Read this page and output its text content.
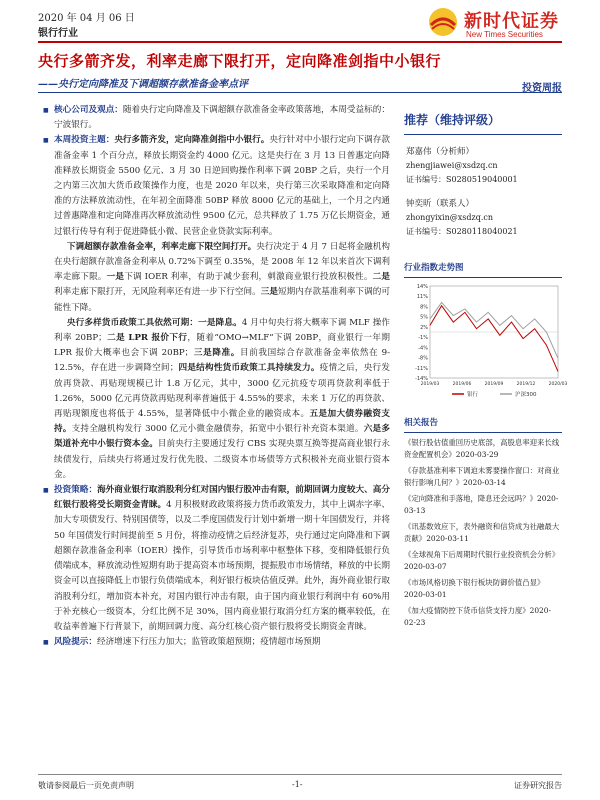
2020 年 04 月 06 日
银行行业
新时代证券
New Times Securities
央行多箭齐发，利率走廊下限打开，定向降准剑指中小银行
——央行定向降准及下调超额存款准备金率点评	投资周报

■ 核心公司及观点：随着央行定向降准及下调超额存款准备金率政策落地，本周受益标的：宁波银行。

■ 本周投资主题：央行多箭齐发，定向降准剑指中小银行。央行针对中小银行定向下调存款准备金率 1 个百分点，释放长期资金约 4000 亿元。这是央行在 3 月 13 日普惠定向降准释放长期资金 5500 亿元、3 月 30 日逆回购操作利率下调 20BP 之后，央行一个月之内第三次加大货币政策操作力度，也是 2020 年以来，央行第三次采取降准和定向降准的方法释放流动性，在年初全面降准 50BP 释放 8000 亿元的基础上，一个月之内通过普惠降准和定向降准再次释放流动性 9500 亿元，总共释放了 1.75 万亿长期资金，通过银行传导有利于促进降低小微、民营企业贷款实际利率。

下调超额存款准备金率，利率走廊下限空间打开。央行决定于 4 月 7 日起将金融机构在央行超额存款准备金利率从 0.72%下调至 0.35%，是 2008 年 12 年以来首次下调利率走廊下限。一是下调 IOER 利率，有助于减少套利，刺激商业银行投放积极性。二是利率走廊下限打开，无风险利率还有进一步下行空间。三是短期内存款基准利率下调的可能性下降。

央行多样货币政策工具依然可期：一是降息。4 月中旬央行将大概率下调 MLF 操作利率 20BP；二是 LPR 报价下行，随着“OMO→MLF”下调 20BP，商业银行一年期 LPR 报价大概率也会下调 20BP；三是降准。目前我国综合存款准备金率依然在 9-12.5%，存在进一步调降空间；四是结构性货币政策工具持续发力。疫情之后，央行发放再贷款、再贴现规模已计 1.8 万亿元，其中，3000 亿元抗疫专项再贷款利率低于 1.26%，5000 亿元再贷款再贴现利率普遍低于 4.55%的要求，未来 1 万亿的再贷款、再贴现额度也将低于 4.55%，显著降低中小微企业的融资成本。五是加大债券融资支持。支持全融机构发行 3000 亿元小微金融债券，拓宽中小银行补充资本渠道。六是多渠道补充中小银行资本金。目前央行主要通过发行 CBS 实现央票互换等提高商业银行永续债发行，后续央行将通过发行优先股、二级资本市场债等方式积极补充商业银行资本金。

■ 投资策略：海外商业银行取消股利分红对国内银行股冲击有限，前期回调力度较大、高分红银行股将受长期资金青睐。4 月积极财政政策将接力货币政策发力，其中上调赤字率、加大专项债发行、特别国债等，以及二季度国债发行计划中新增一期十年国债发行，并将 50 年国债发行时间提前至 5 月份，将推动疫情之后经济复苏，央行通过定向降准和下调超额存款准备金利率（IOER）操作，引导货币市场利率中枢整体下移，变相降低银行负债端成本，释放流动性短期有助于提高资本市场预期，提振股市市场情绪，释放的中长期资金可以直接降低上市银行负债端成本，利好银行板块估值反弹。此外，海外商业银行取消股利分红，增加资本补充，对国内银行冲击有限，由于国内商业银行利润中有 60%用于补充核心一级资本，分红比例不足 30%，国内商业银行取消分红方案的概率较低，在收益率普遍下行背景下，前期回调力度、高分红核心资产银行股将受长期资金青睐。

■ 风险提示：经济增速下行压力加大；监管政策超预期；疫情超市场预期

推荐（维持评级）
郑嘉伟（分析师）
zhengjiawei@xsdzq.cn
证书编号：S0280519040001
钟奕昕（联系人）
zhongyixin@xsdzq.cn
证书编号：S0280118040021
行业指数走势图
14%
11%
8%
5%
2%
-1%
-4%
-8%
-11%
-14%
2019/03	2019/06	2019/09	2019/12	2020/03
银行	沪深300
相关报告
《银行股估值重回历史底部，高股息率迎来长线资金配置机会》2020-03-29
《存款基准利率下调迫未雾要操作窗口：对商业银行影响几何？》2020-03-14
《定向降准和手落地，降息还会远吗？》2020-03-13
《讯基数效应下，表外融资和信贷成为社融最大贡献》2020-03-11
《全球视角下后周期时代银行业投资机会分析》2020-03-07
《市场风格切换下银行板块防御价值凸显》2020-03-01
《加大疫情防控下货币信贷支持力度》2020-02-23
敬请参阅最后一页免责声明	-1-	证券研究报告
